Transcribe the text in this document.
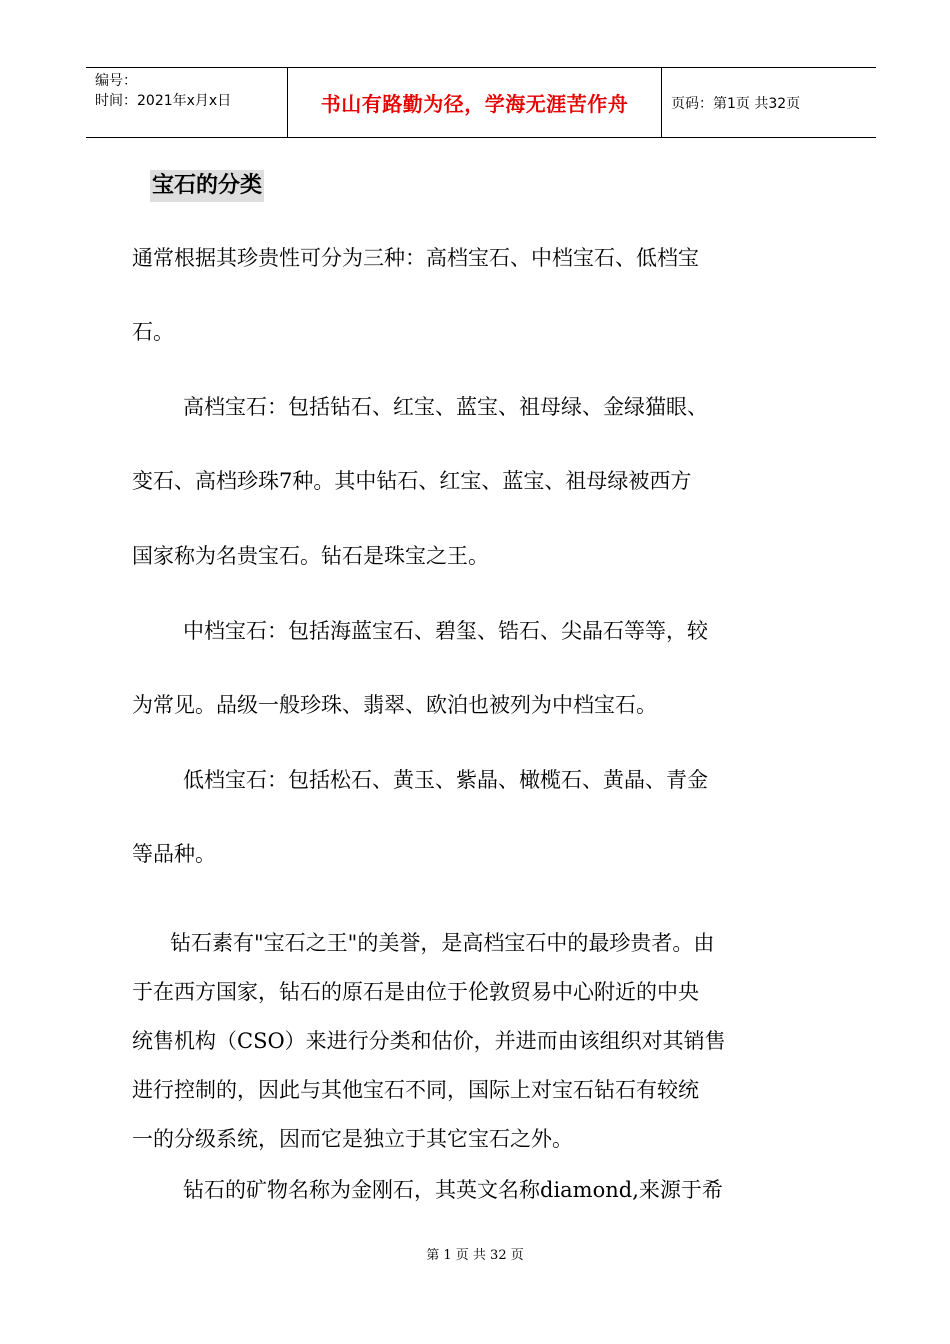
编号：
时间：2021年x月x日	书山有路勤为径，学海无涯苦作舟	页码：第1页 共32页
宝石的分类
通常根据其珍贵性可分为三种：高档宝石、中档宝石、低档宝
石。
高档宝石：包括钻石、红宝、蓝宝、祖母绿、金绿猫眼、
变石、高档珍珠7种。其中钻石、红宝、蓝宝、祖母绿被西方
国家称为名贵宝石。钻石是珠宝之王。
中档宝石：包括海蓝宝石、碧玺、锆石、尖晶石等等，较
为常见。品级一般珍珠、翡翠、欧泊也被列为中档宝石。
低档宝石：包括松石、黄玉、紫晶、橄榄石、黄晶、青金
等品种。
钻石素有"宝石之王"的美誉，是高档宝石中的最珍贵者。由
于在西方国家，钻石的原石是由位于伦敦贸易中心附近的中央
统售机构（CSO）来进行分类和估价，并进而由该组织对其销售
进行控制的，因此与其他宝石不同，国际上对宝石钻石有较统
一的分级系统，因而它是独立于其它宝石之外。
钻石的矿物名称为金刚石，其英文名称diamond,来源于希
第 1 页 共 32 页
